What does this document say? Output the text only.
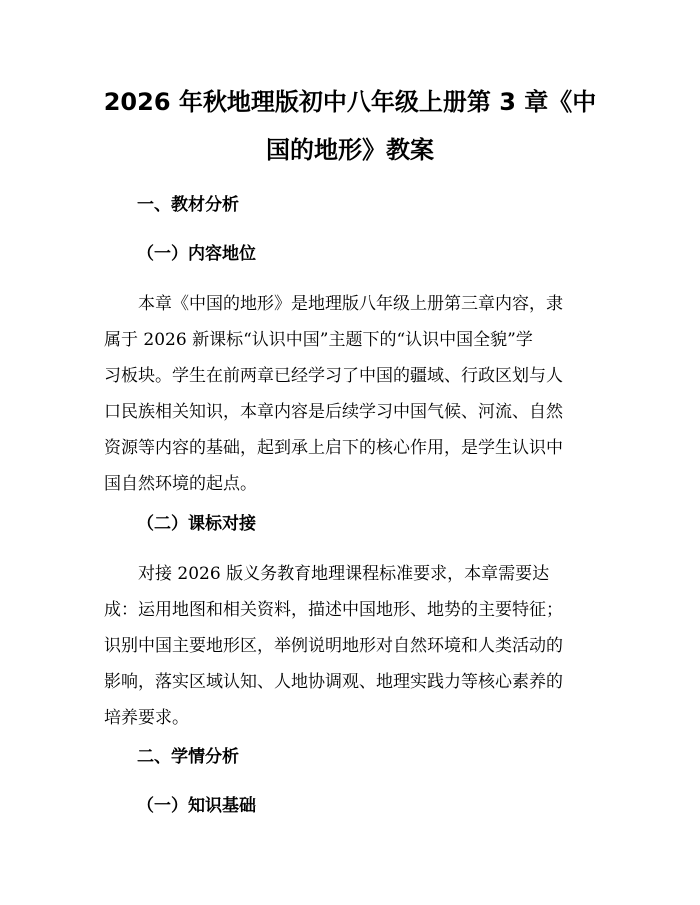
2026 年秋地理版初中八年级上册第 3 章《中
国的地形》教案
一、教材分析
（一）内容地位
本章《中国的地形》是地理版八年级上册第三章内容，隶
属于 2026 新课标“认识中国”主题下的“认识中国全貌”学
习板块。学生在前两章已经学习了中国的疆域、行政区划与人
口民族相关知识，本章内容是后续学习中国气候、河流、自然
资源等内容的基础，起到承上启下的核心作用，是学生认识中
国自然环境的起点。
（二）课标对接
对接 2026 版义务教育地理课程标准要求，本章需要达
成：运用地图和相关资料，描述中国地形、地势的主要特征；
识别中国主要地形区，举例说明地形对自然环境和人类活动的
影响，落实区域认知、人地协调观、地理实践力等核心素养的
培养要求。
二、学情分析
（一）知识基础
